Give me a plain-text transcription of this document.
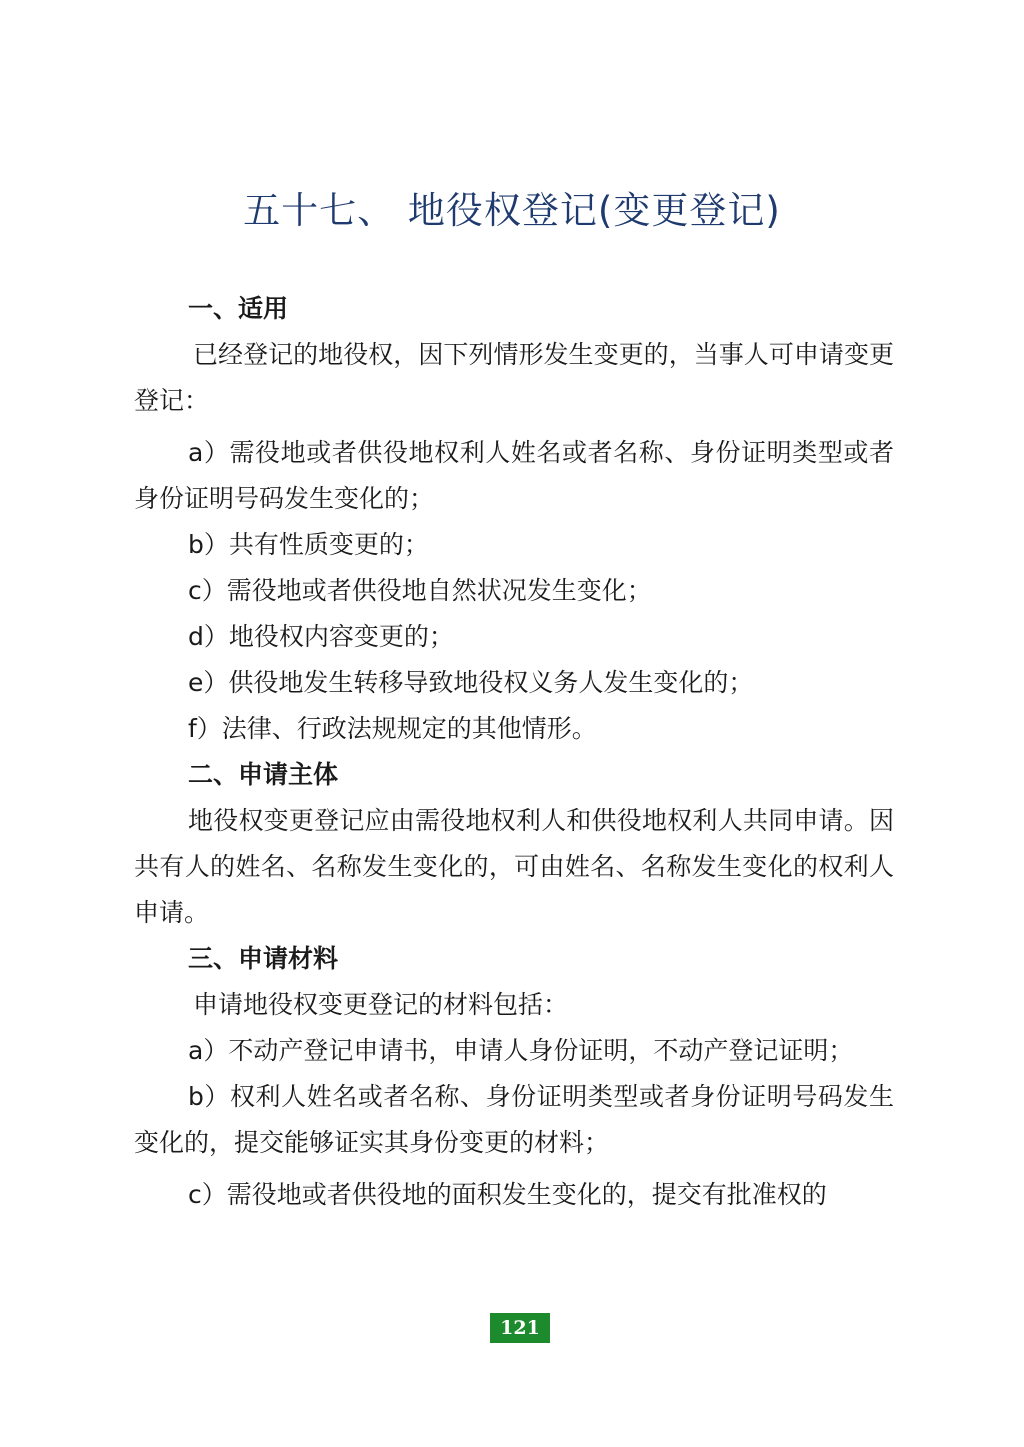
五十七、 地役权登记(变更登记)
一、适用

已经登记的地役权，因下列情形发生变更的，当事人可申请变更登记：

a）需役地或者供役地权利人姓名或者名称、身份证明类型或者身份证明号码发生变化的；

b）共有性质变更的；

c）需役地或者供役地自然状况发生变化；

d）地役权内容变更的；

e）供役地发生转移导致地役权义务人发生变化的；

f）法律、行政法规规定的其他情形。

二、申请主体

地役权变更登记应由需役地权利人和供役地权利人共同申请。因共有人的姓名、名称发生变化的，可由姓名、名称发生变化的权利人申请。

三、申请材料

申请地役权变更登记的材料包括：

a）不动产登记申请书，申请人身份证明，不动产登记证明；

b）权利人姓名或者名称、身份证明类型或者身份证明号码发生变化的，提交能够证实其身份变更的材料；

c）需役地或者供役地的面积发生变化的，提交有批准权的

121
